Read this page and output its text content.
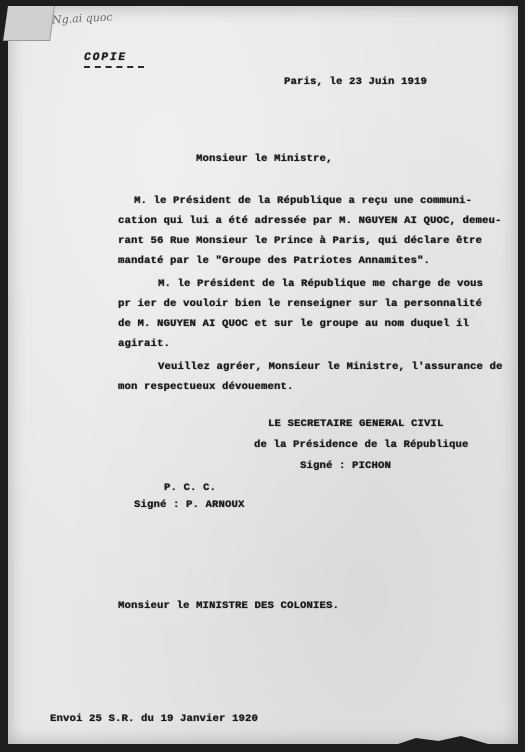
Ng.ai quoc
COPIE
Paris, le 23 Juin 1919
Monsieur le Ministre,
M. le Président de la République a reçu une communi-
cation qui lui a été adressée par M. NGUYEN AI QUOC, demeu-
rant 56 Rue Monsieur le Prince à Paris, qui déclare être
mandaté par le "Groupe des Patriotes Annamites".
M. le Président de la République me charge de vous
pr ier de vouloir bien le renseigner sur la personnalité
de M. NGUYEN AI QUOC et sur le groupe au nom duquel il
agirait.
Veuillez agréer, Monsieur le Ministre, l'assurance de
mon respectueux dévouement.
LE SECRETAIRE GENERAL CIVIL
de la Présidence de la République
Signé : PICHON
P. C. C.
Signé : P. ARNOUX
Monsieur le MINISTRE DES COLONIES.
Envoi 25 S.R. du 19 Janvier 1920
